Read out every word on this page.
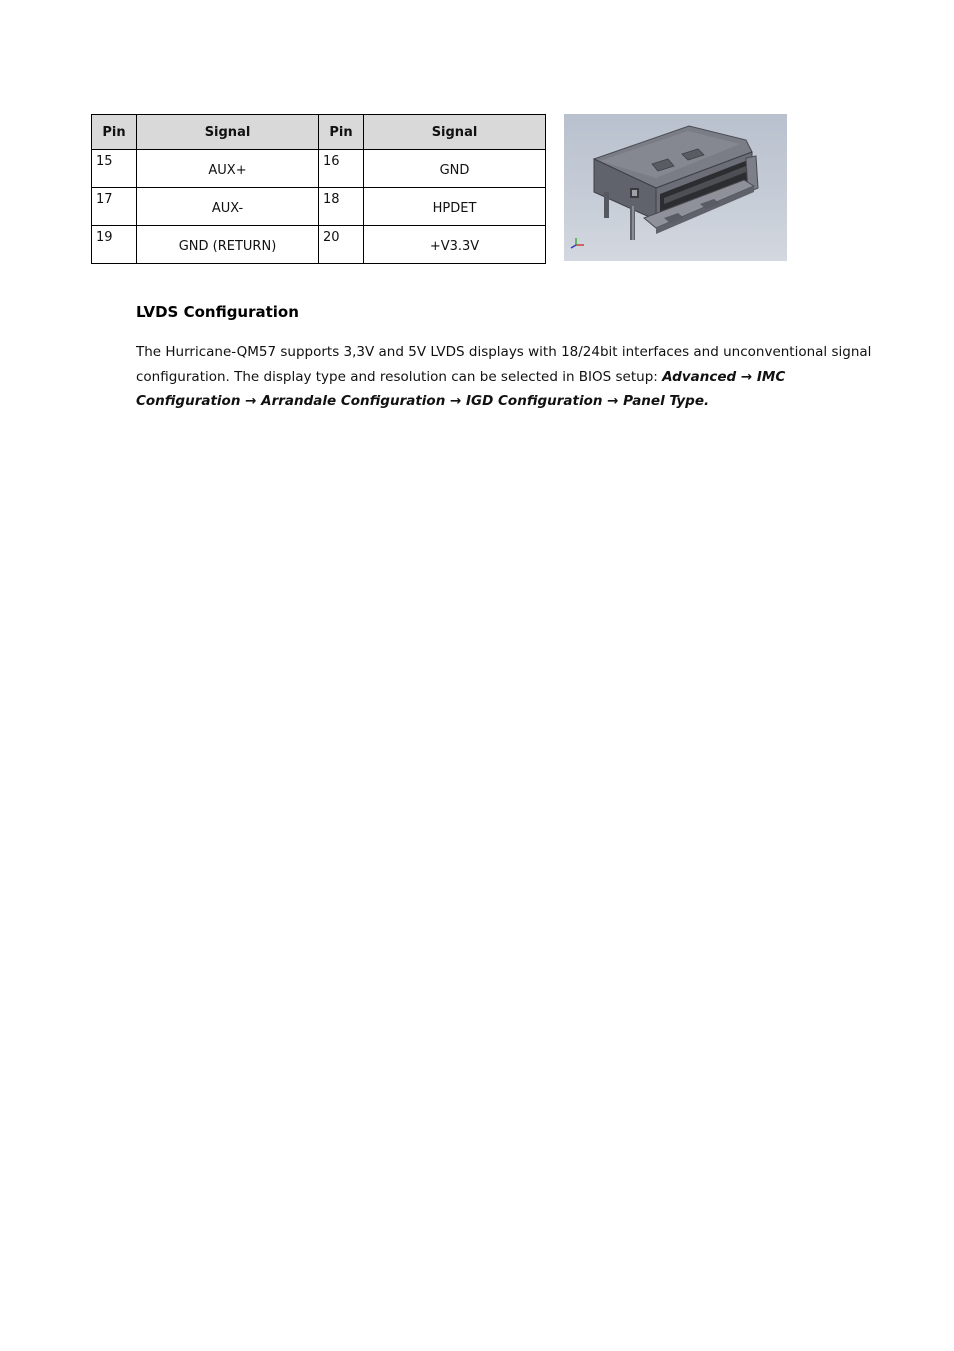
Pin	Signal	Pin	Signal
15	AUX+	16	GND
17	AUX-	18	HPDET
19	GND (RETURN)	20	+V3.3V
LVDS Configuration

The Hurricane-QM57 supports 3,3V and 5V LVDS displays with 18/24bit interfaces and unconventional signal configuration. The display type and resolution can be selected in BIOS setup: Advanced → IMC Configuration → Arrandale Configuration → IGD Configuration → Panel Type.
